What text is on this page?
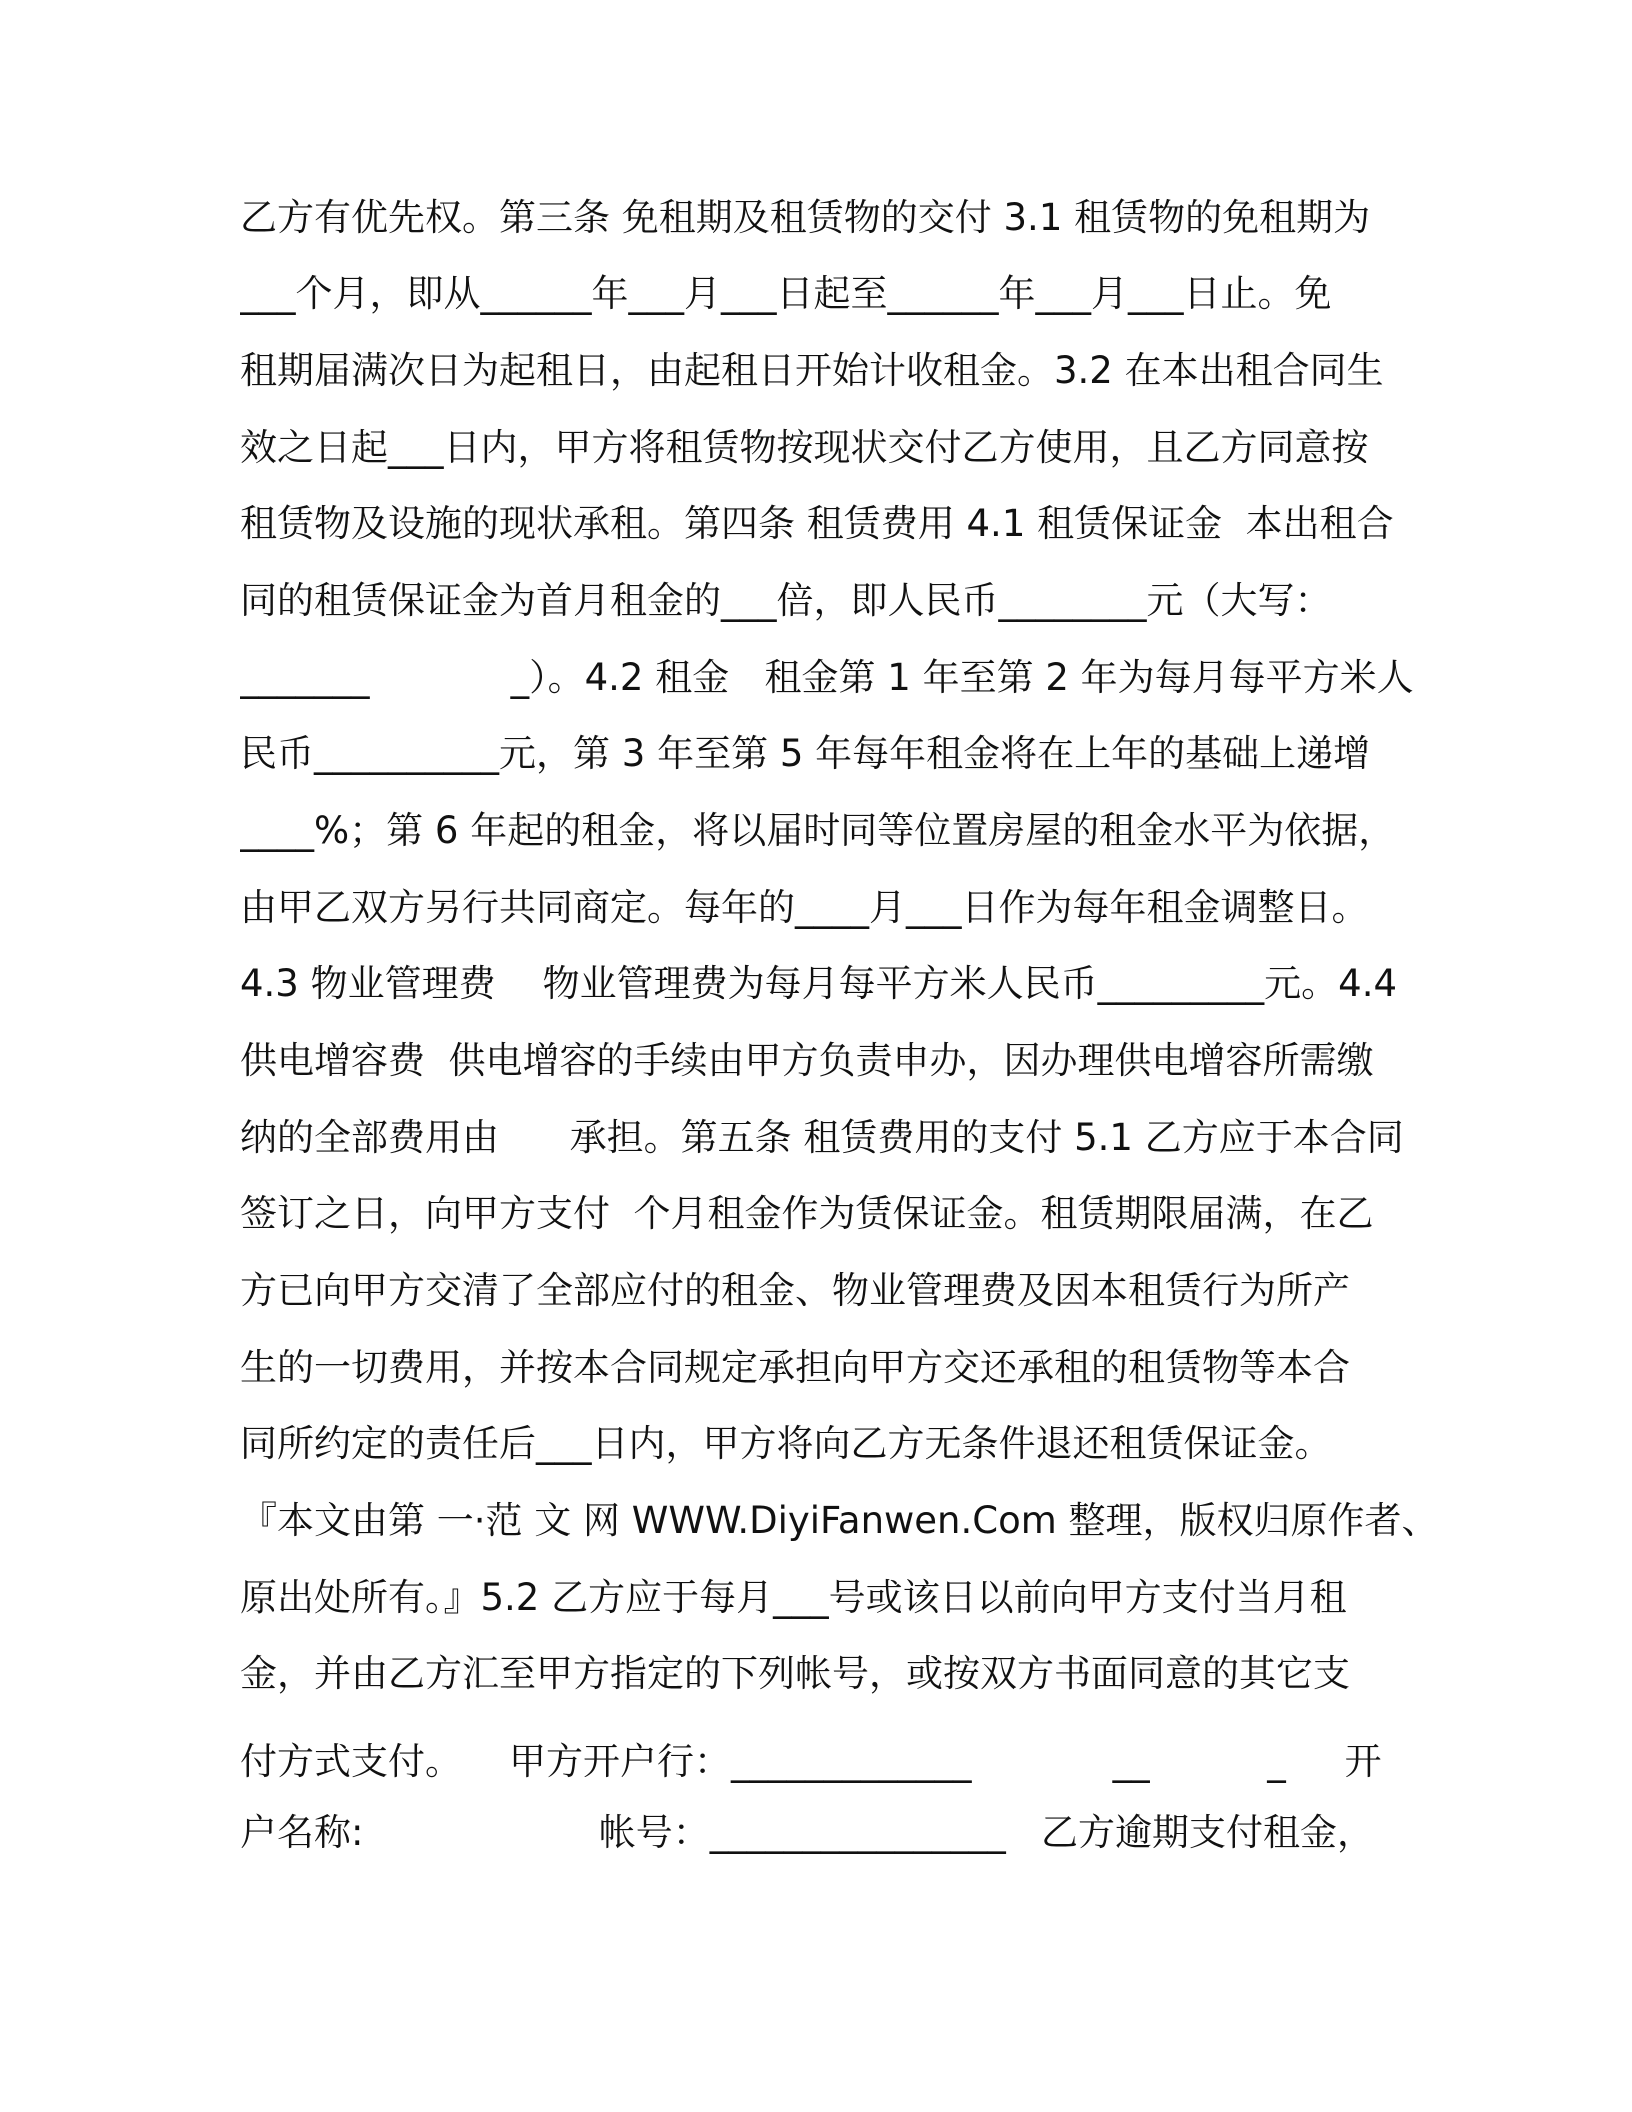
乙方有优先权。第三条 免租期及租赁物的交付 3.1 租赁物的免租期为
___个月，即从______年___月___日起至______年___月___日止。免
租期届满次日为起租日，由起租日开始计收租金。3.2 在本出租合同生
效之日起___日内，甲方将租赁物按现状交付乙方使用，且乙方同意按
租赁物及设施的现状承租。第四条 租赁费用 4.1 租赁保证金  本出租合
同的租赁保证金为首月租金的___倍，即人民币________元（大写：
_______            _）。4.2 租金   租金第 1 年至第 2 年为每月每平方米人
民币__________元，第 3 年至第 5 年每年租金将在上年的基础上递增
____%；第 6 年起的租金，将以届时同等位置房屋的租金水平为依据，
由甲乙双方另行共同商定。每年的____月___日作为每年租金调整日。
4.3 物业管理费    物业管理费为每月每平方米人民币_________元。4.4
供电增容费  供电增容的手续由甲方负责申办，因办理供电增容所需缴
纳的全部费用由      承担。第五条 租赁费用的支付 5.1 乙方应于本合同
签订之日，向甲方支付  个月租金作为赁保证金。租赁期限届满，在乙
方已向甲方交清了全部应付的租金、物业管理费及因本租赁行为所产
生的一切费用，并按本合同规定承担向甲方交还承租的租赁物等本合
同所约定的责任后___日内，甲方将向乙方无条件退还租赁保证金。
『本文由第 一·范 文 网 WWW.DiyiFanwen.Com 整理，版权归原作者、
原出处所有。』5.2 乙方应于每月___号或该日以前向甲方支付当月租
金，并由乙方汇至甲方指定的下列帐号，或按双方书面同意的其它支
付方式支付。    甲方开户行：_____________            __          _     开
户名称:                    帐号：________________   乙方逾期支付租金，
